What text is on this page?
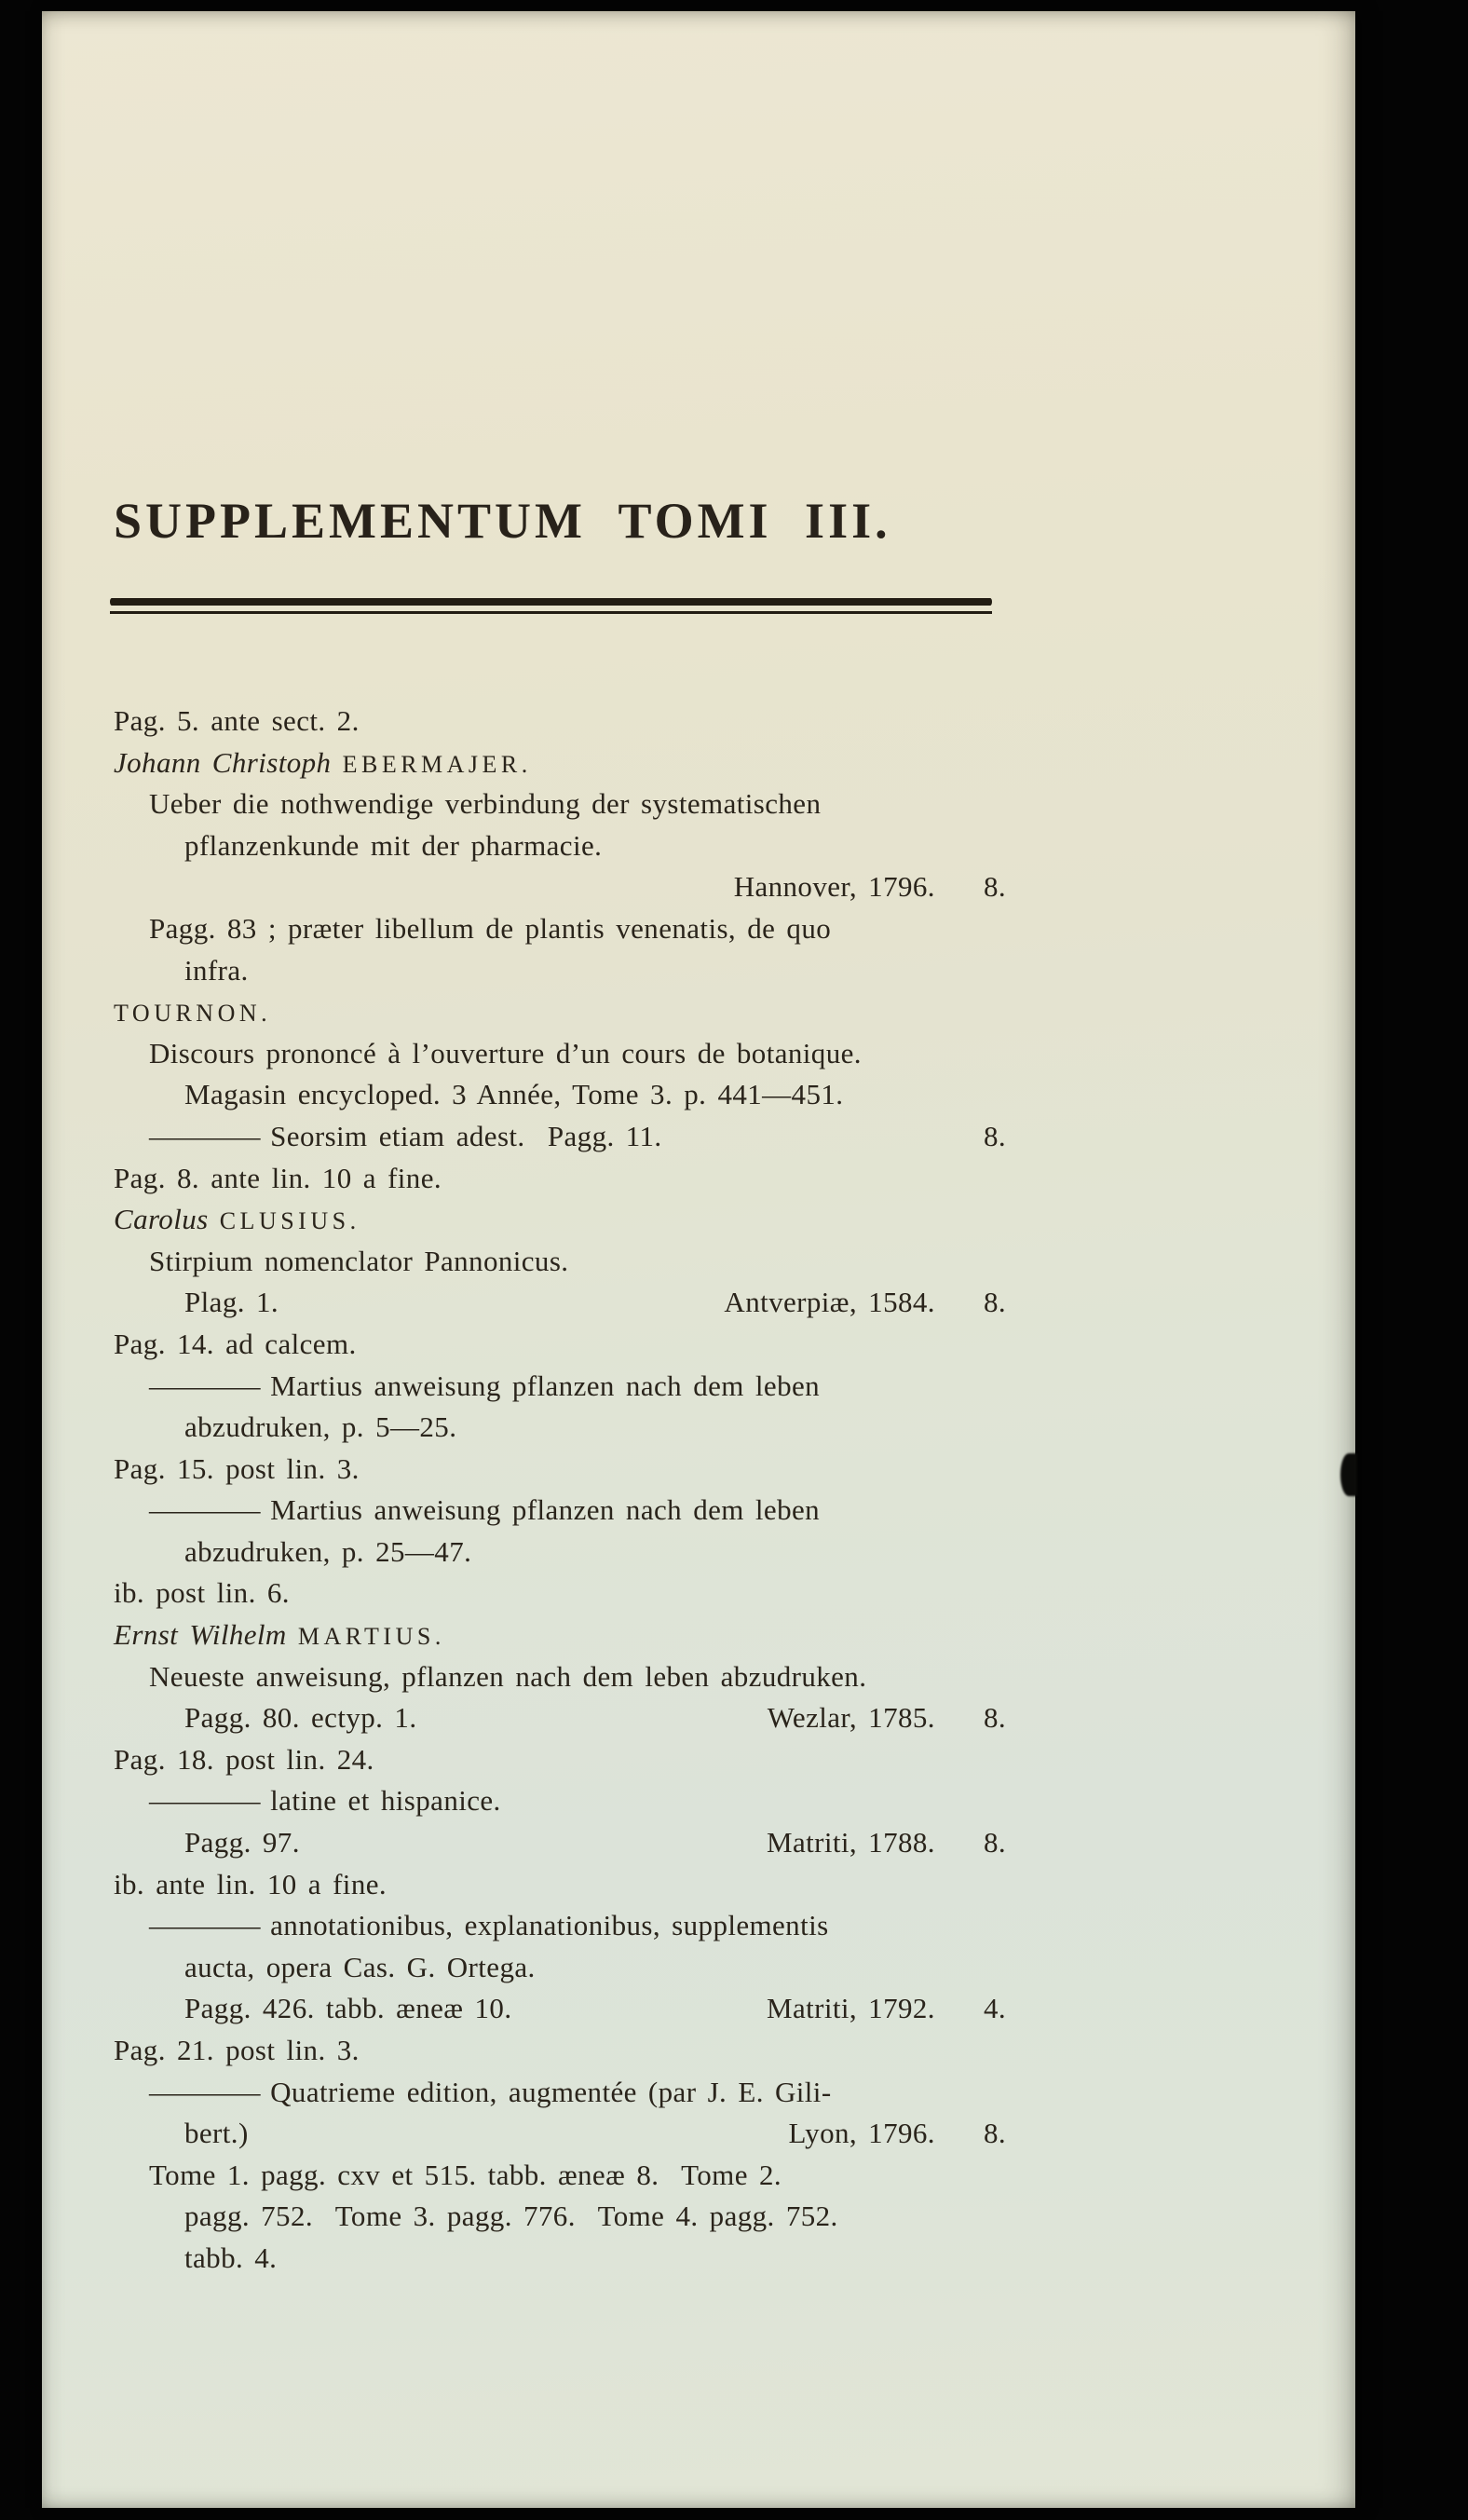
SUPPLEMENTUM TOMI III.
Pag. 5. ante sect. 2.
Johann Christoph EBERMAJER.
Ueber die nothwendige verbindung der systematischen
pflanzenkunde mit der pharmacie.
Hannover, 1796. 8.
Pagg. 83 ; præter libellum de plantis venenatis, de quo
infra.
TOURNON.
Discours prononcé à l’ouverture d’un cours de botanique.
Magasin encycloped. 3 Année, Tome 3. p. 441—451.
———— Seorsim etiam adest.  Pagg. 11.	8.
Pag. 8. ante lin. 10 a fine.
Carolus CLUSIUS.
Stirpium nomenclator Pannonicus.
Plag. 1.	Antverpiæ, 1584. 8.
Pag. 14. ad calcem.
———— Martius anweisung pflanzen nach dem leben
abzudruken, p. 5—25.
Pag. 15. post lin. 3.
———— Martius anweisung pflanzen nach dem leben
abzudruken, p. 25—47.
ib. post lin. 6.
Ernst Wilhelm MARTIUS.
Neueste anweisung, pflanzen nach dem leben abzudruken.
Pagg. 80. ectyp. 1.	Wezlar, 1785. 8.
Pag. 18. post lin. 24.
———— latine et hispanice.
Pagg. 97.	Matriti, 1788. 8.
ib. ante lin. 10 a fine.
———— annotationibus, explanationibus, supplementis
aucta, opera Cas. G. Ortega.
Pagg. 426. tabb. æneæ 10.	Matriti, 1792. 4.
Pag. 21. post lin. 3.
———— Quatrieme edition, augmentée (par J. E. Gili-
bert.)	Lyon, 1796. 8.
Tome 1. pagg. cxv et 515. tabb. æneæ 8.  Tome 2.
pagg. 752.  Tome 3. pagg. 776.  Tome 4. pagg. 752.
tabb. 4.
